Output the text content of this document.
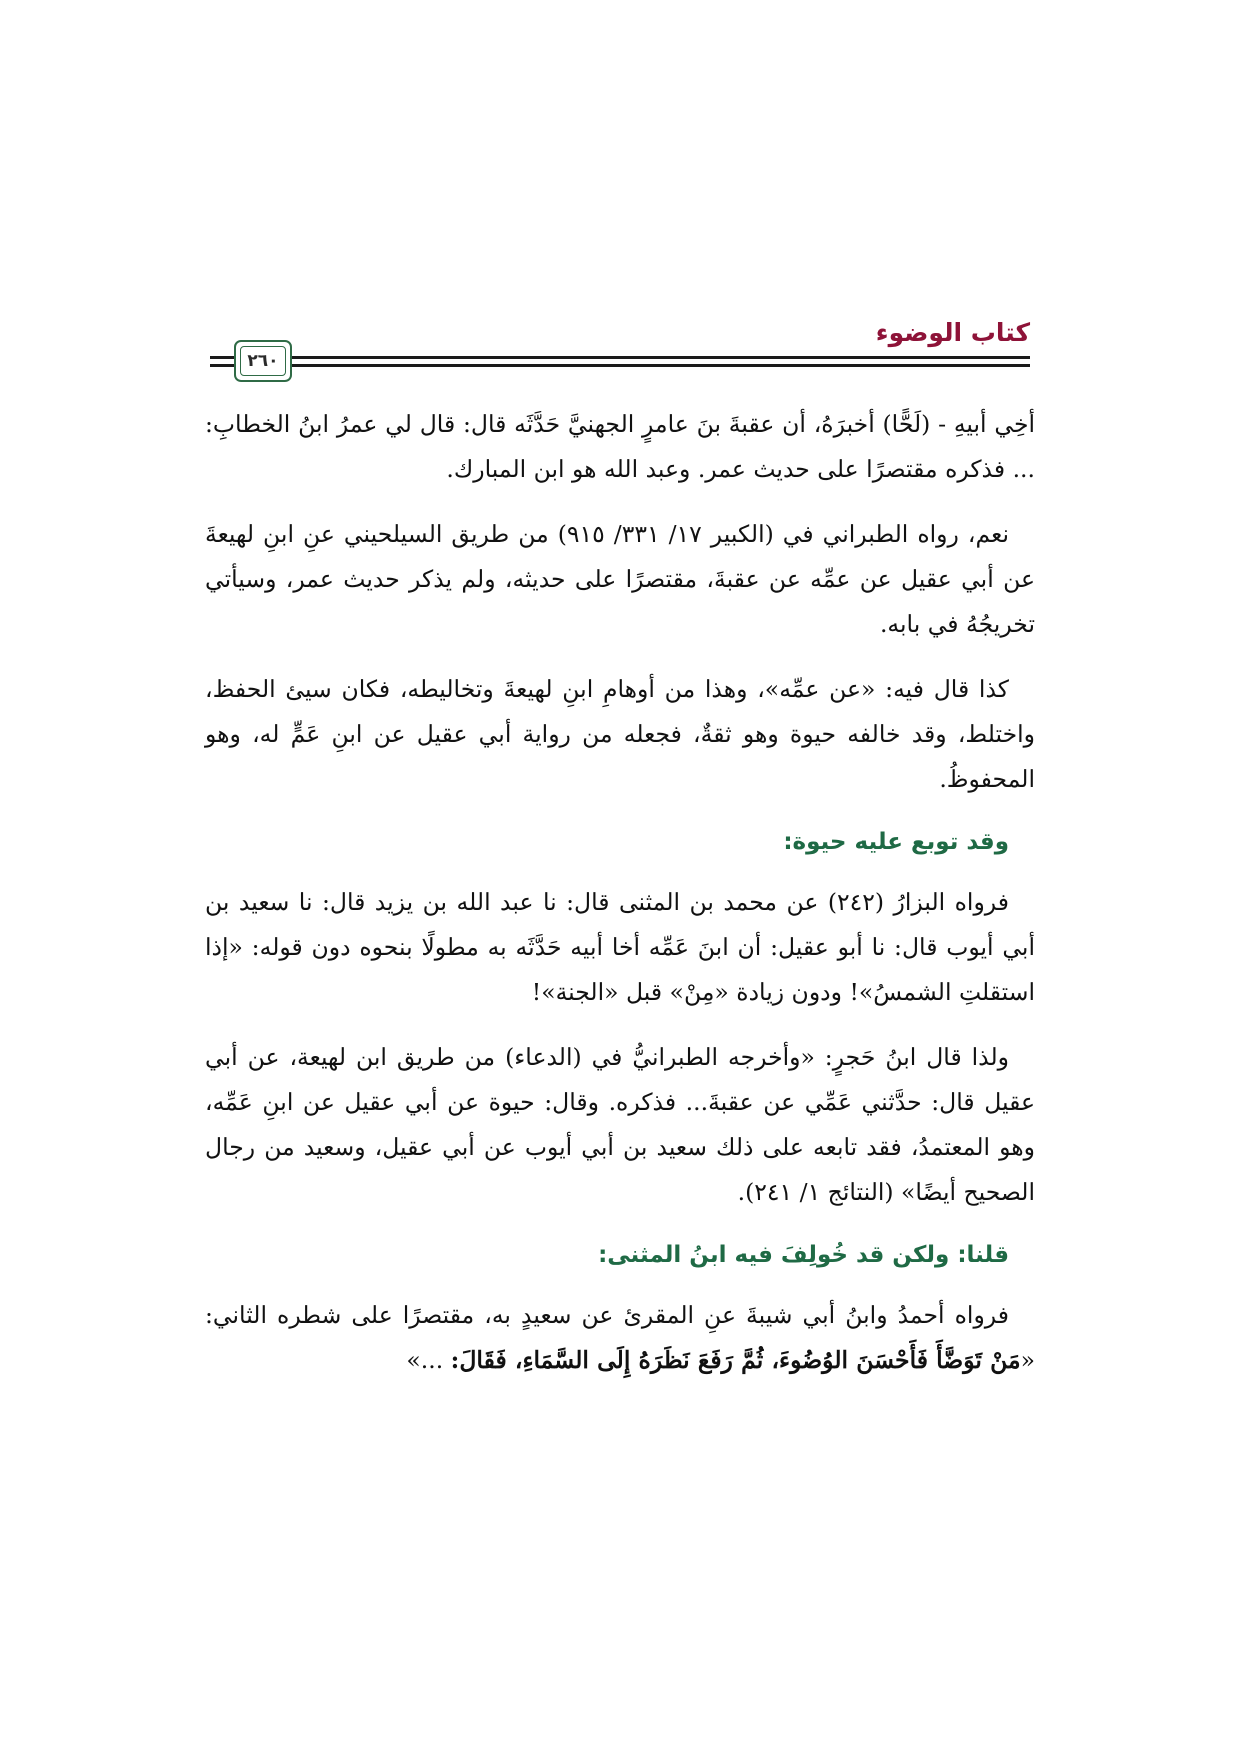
كتاب الوضوء
٢٦٠

أخِي أبيهِ - (لَحًّا) أخبرَهُ، أن عقبةَ بنَ عامرٍ الجهنيَّ حَدَّثَه قال: قال لي عمرُ ابنُ الخطابِ: ... فذكره مقتصرًا على حديث عمر. وعبد الله هو ابن المبارك.

نعم، رواه الطبراني في (الكبير ١٧/ ٣٣١/ ٩١٥) من طريق السيلحيني عنِ ابنِ لهيعةَ عن أبي عقيل عن عمِّه عن عقبةَ، مقتصرًا على حديثه، ولم يذكر حديث عمر، وسيأتي تخريجُهُ في بابه.

كذا قال فيه: «عن عمِّه»، وهذا من أوهامِ ابنِ لهيعةَ وتخاليطه، فكان سيئ الحفظ، واختلط، وقد خالفه حيوة وهو ثقةٌ، فجعله من رواية أبي عقيل عن ابنِ عَمٍّ له، وهو المحفوظُ.

وقد توبع عليه حيوة:

فرواه البزارُ (٢٤٢) عن محمد بن المثنى قال: نا عبد الله بن يزيد قال: نا سعيد بن أبي أيوب قال: نا أبو عقيل: أن ابنَ عَمِّه أخا أبيه حَدَّثَه به مطولًا بنحوه دون قوله: «إذا استقلتِ الشمسُ»! ودون زيادة «مِنْ» قبل «الجنة»!

ولذا قال ابنُ حَجرٍ: «وأخرجه الطبرانيُّ في (الدعاء) من طريق ابن لهيعة، عن أبي عقيل قال: حدَّثني عَمِّي عن عقبةَ... فذكره. وقال: حيوة عن أبي عقيل عن ابنِ عَمِّه، وهو المعتمدُ، فقد تابعه على ذلك سعيد بن أبي أيوب عن أبي عقيل، وسعيد من رجال الصحيح أيضًا» (النتائج ١/ ٢٤١).

قلنا: ولكن قد خُولِفَ فيه ابنُ المثنى:

فرواه أحمدُ وابنُ أبي شيبةَ عنِ المقرئ عن سعيدٍ به، مقتصرًا على شطره الثاني: «مَنْ تَوَضَّأَ فَأَحْسَنَ الوُضُوءَ، ثُمَّ رَفَعَ نَظَرَهُ إِلَى السَّمَاءِ، فَقَالَ: ...»
